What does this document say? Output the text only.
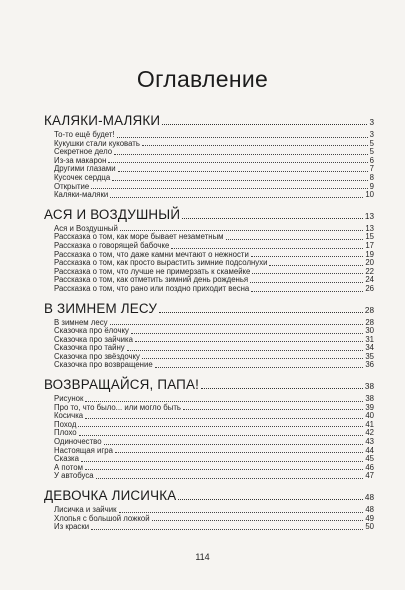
Оглавление
КАЛЯКИ-МАЛЯКИ	3
То-то ещё будет!	3
Кукушки стали куковать	5
Секретное дело	5
Из-за макарон	6
Другими глазами	7
Кусочек сердца	8
Открытие	9
Каляки-маляки	10
АСЯ И ВОЗДУШНЫЙ	13
Ася и Воздушный	13
Рассказка о том, как море бывает незаметным	15
Рассказка о говорящей бабочке	17
Рассказка о том, что даже камни мечтают о нежности	19
Рассказка о том, как просто вырастить зимние подсолнухи	20
Рассказка о том, что лучше не примерзать к скамейке	22
Рассказка о том, как отметить зимний день рожденья	24
Рассказка о том, что рано или поздно приходит весна	26
В ЗИМНЕМ ЛЕСУ	28
В зимнем лесу	28
Сказочка про ёлочку	30
Сказочка про зайчика	31
Сказочка про тайну	34
Сказочка про звёздочку	35
Сказочка про возвращение	36
ВОЗВРАЩАЙСЯ, ПАПА!	38
Рисунок	38
Про то, что было... или могло быть	39
Косичка	40
Поход	41
Плохо	42
Одиночество	43
Настоящая игра	44
Сказка	45
А потом	46
У автобуса	47
ДЕВОЧКА ЛИСИЧКА	48
Лисичка и зайчик	48
Хлопья с большой ложкой	49
Из краски	50
114
